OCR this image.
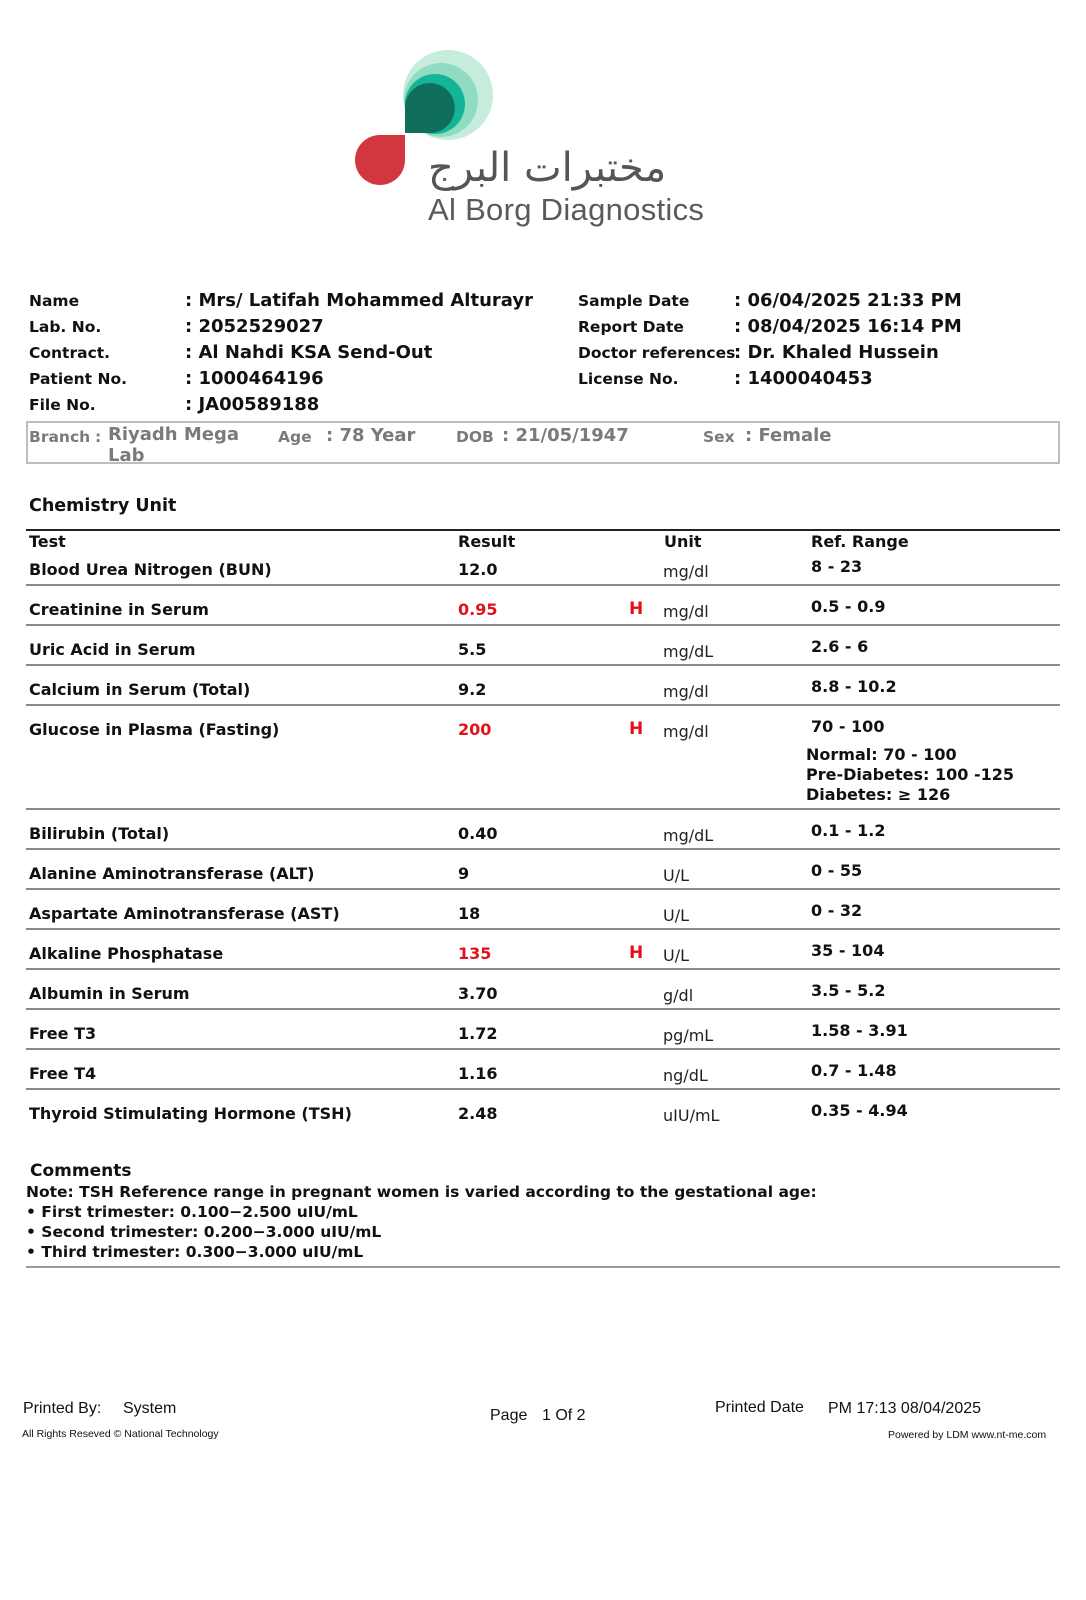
مختبرات البرج
Al Borg Diagnostics
Name	: Mrs/ Latifah Mohammed Alturayr
Lab. No.	: 2052529027
Contract.	: Al Nahdi KSA Send-Out
Patient No.	: 1000464196
File No.	: JA00589188
Sample Date : 06/04/2025 21:33 PM
Report Date	: 08/04/2025 16:14 PM
Doctor references
: Dr. Khaled Hussein
License No.	: 1400040453
Branch : Riyadh Mega
Lab
Age : 78 Year	DOB : 21/05/1947	Sex : Female
Chemistry Unit
Test	Result	Unit	Ref. Range
Blood Urea Nitrogen (BUN)	12.0	mg/dl	8 - 23
Creatinine in Serum	0.95	H mg/dl	0.5 - 0.9
Uric Acid in Serum	5.5	mg/dL	2.6 - 6
Calcium in Serum (Total)	9.2	mg/dl	8.8 - 10.2
Glucose in Plasma (Fasting)	200	H mg/dl	70 - 100
Normal: 70 - 100
Pre-Diabetes: 100 -125
Diabetes: ≥ 126
Bilirubin (Total)	0.40	mg/dL	0.1 - 1.2
Alanine Aminotransferase (ALT)	9	U/L	0 - 55
Aspartate Aminotransferase (AST)	18	U/L	0 - 32
Alkaline Phosphatase	135	H U/L	35 - 104
Albumin in Serum	3.70	g/dl	3.5 - 5.2
Free T3	1.72	pg/mL	1.58 - 3.91
Free T4	1.16	ng/dL	0.7 - 1.48
Thyroid Stimulating Hormone (TSH)	2.48	uIU/mL	0.35 - 4.94
Comments
Note: TSH Reference range in pregnant women is varied according to the gestational age:
• First trimester: 0.100−2.500 uIU/mL
• Second trimester: 0.200−3.000 uIU/mL
• Third trimester: 0.300−3.000 uIU/mL
Printed By: System
All Rights Reseved © National Technology
Page 1 Of 2	Printed Date PM 17:13 08/04/2025
Powered by LDM www.nt-me.com
